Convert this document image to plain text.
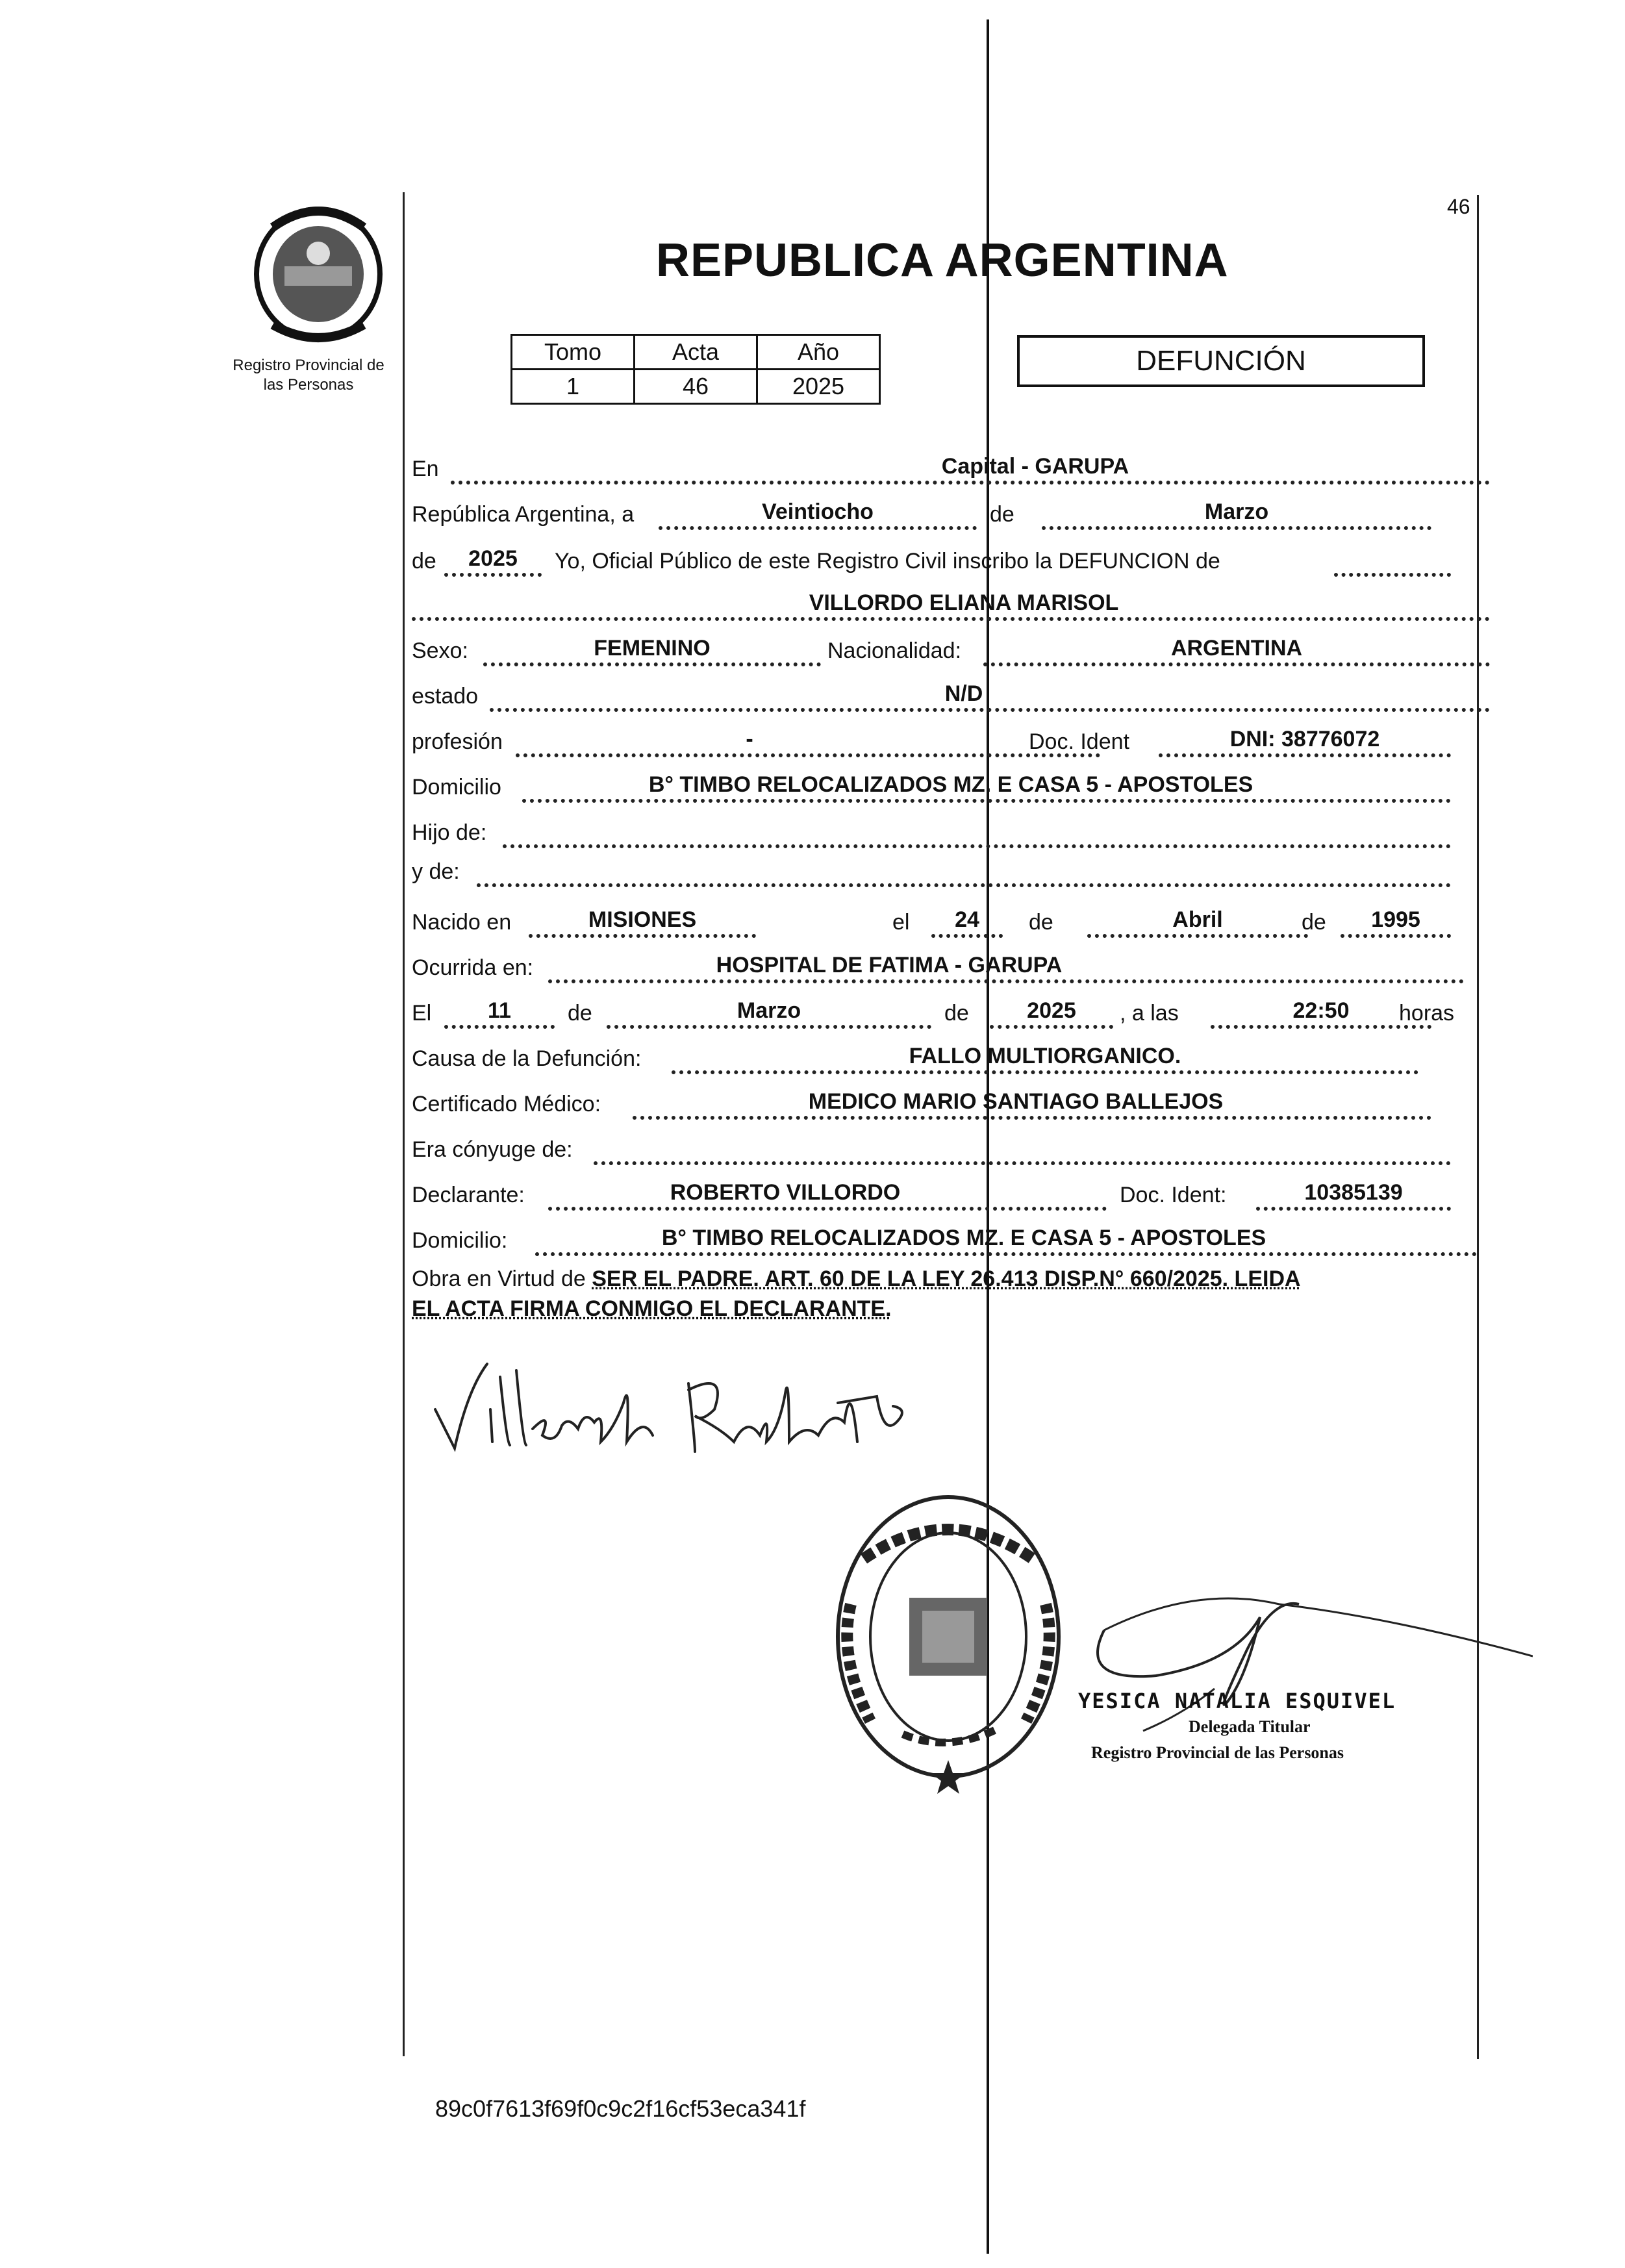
46
Registro Provincial de
las Personas
REPUBLICA ARGENTINA
Tomo	Acta	Año
1	46	2025
DEFUNCIÓN
En	Capital - GARUPA
República Argentina, a	Veintiocho	de	Marzo
de	2025	Yo, Oficial Público de este Registro Civil inscribo la DEFUNCION de
VILLORDO ELIANA MARISOL
Sexo:	FEMENINO	Nacionalidad:	ARGENTINA
estado	N/D
profesión	-	Doc. Ident	DNI: 38776072
Domicilio	B° TIMBO RELOCALIZADOS MZ. E CASA 5 - APOSTOLES
Hijo de:
y de:
Nacido en	MISIONES	el	24	de	Abril	de	1995
Ocurrida en:	HOSPITAL DE FATIMA - GARUPA
El	11	de	Marzo	de	2025	, a las	22:50	horas
Causa de la Defunción:	FALLO MULTIORGANICO.
Certificado Médico:	MEDICO MARIO SANTIAGO BALLEJOS
Era cónyuge de:
Declarante:	ROBERTO VILLORDO	Doc. Ident:	10385139
Domicilio:	B° TIMBO RELOCALIZADOS MZ. E CASA 5 - APOSTOLES
Obra en Virtud de SER EL PADRE. ART. 60 DE LA LEY 26.413 DISP.N° 660/2025. LEIDA
EL ACTA FIRMA CONMIGO EL DECLARANTE.
YESICA NATALIA ESQUIVEL
Delegada Titular
Registro Provincial de las Personas
89c0f7613f69f0c9c2f16cf53eca341f
